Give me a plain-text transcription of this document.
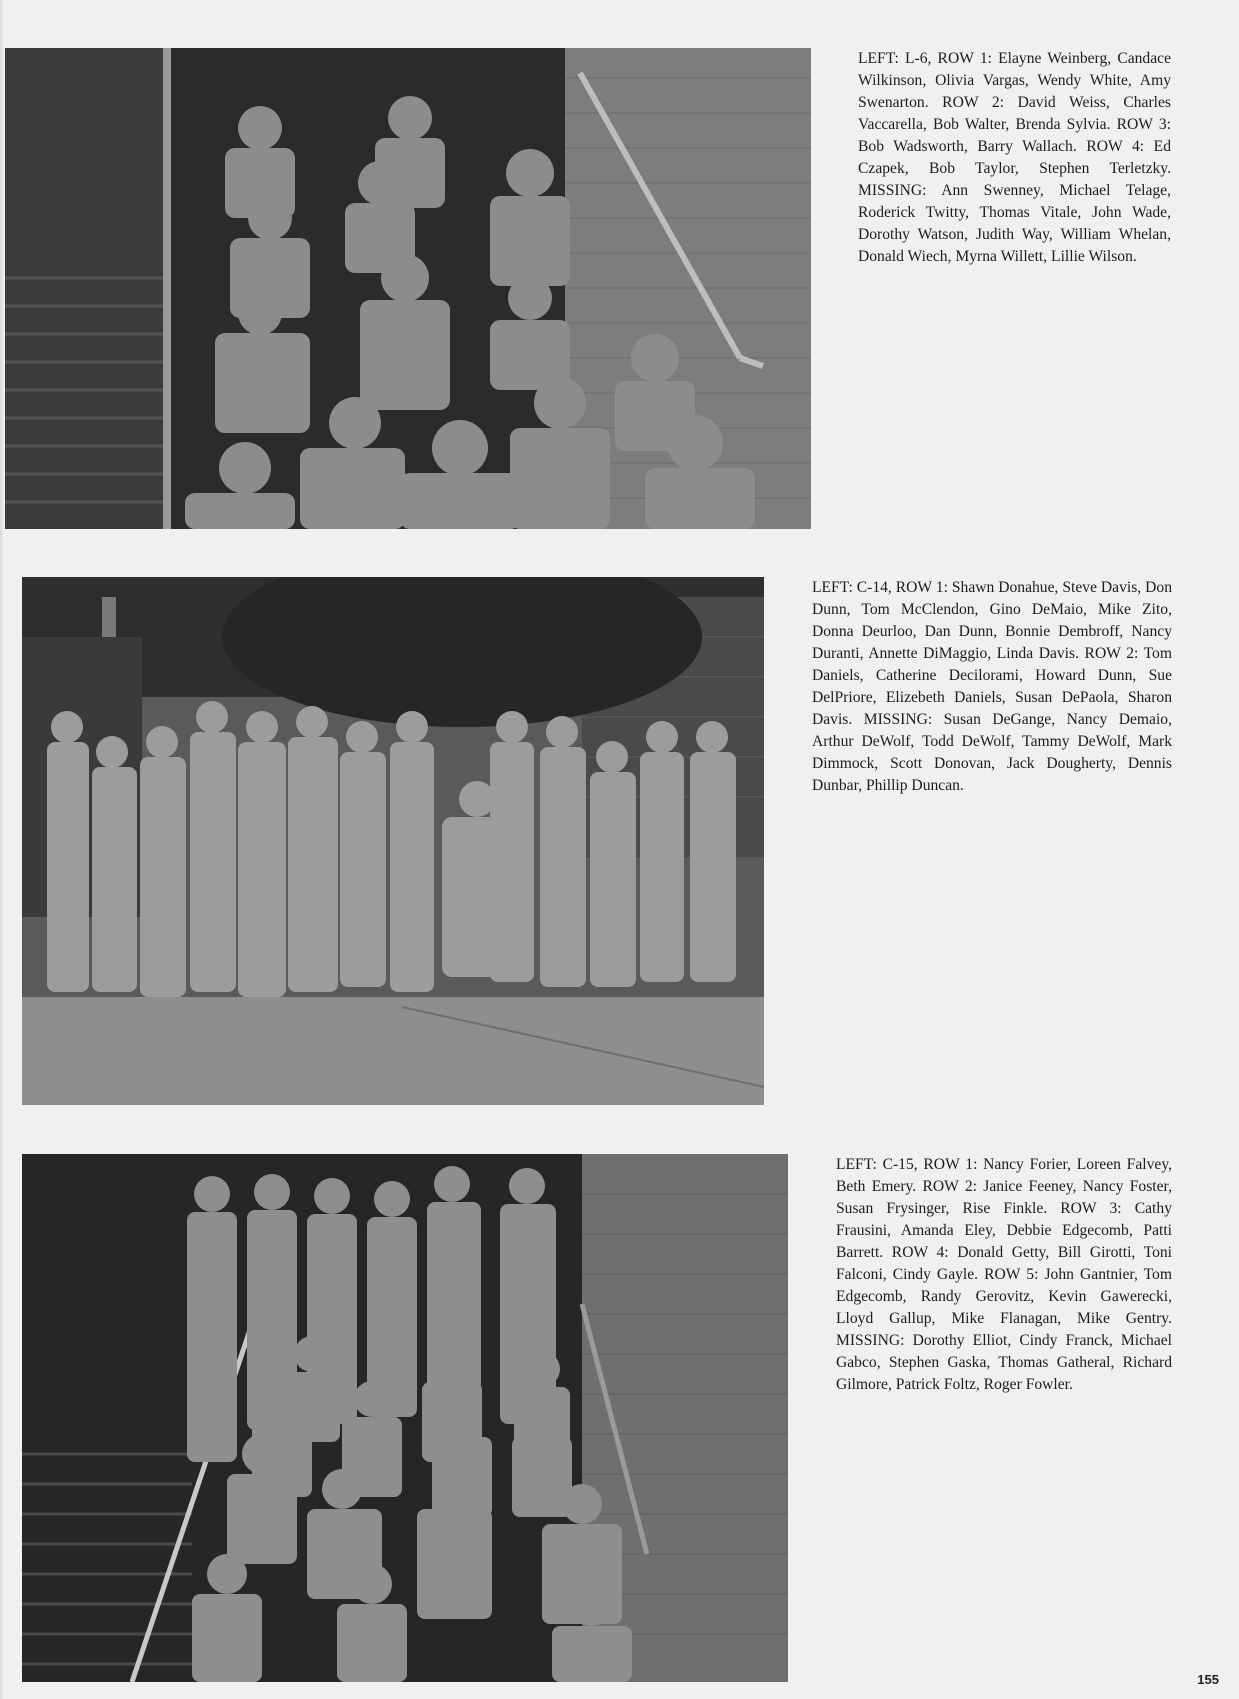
LEFT: L-6, ROW 1: Elayne Weinberg, Candace Wilkinson, Olivia Vargas, Wendy White, Amy Swenarton. ROW 2: David Weiss, Charles Vaccarella, Bob Walter, Brenda Sylvia. ROW 3: Bob Wadsworth, Barry Wallach. ROW 4: Ed Czapek, Bob Taylor, Stephen Terletzky. MISSING: Ann Swenney, Michael Telage, Roderick Twitty, Thomas Vitale, John Wade, Dorothy Watson, Judith Way, William Whelan, Donald Wiech, Myrna Willett, Lillie Wilson.

LEFT: C-14, ROW 1: Shawn Donahue, Steve Davis, Don Dunn, Tom McClendon, Gino DeMaio, Mike Zito, Donna Deurloo, Dan Dunn, Bonnie Dembroff, Nancy Duranti, Annette DiMaggio, Linda Davis. ROW 2: Tom Daniels, Catherine Decilorami, Howard Dunn, Sue DelPriore, Elizebeth Daniels, Susan DePaola, Sharon Davis. MISSING: Susan DeGange, Nancy Demaio, Arthur DeWolf, Todd DeWolf, Tammy DeWolf, Mark Dimmock, Scott Donovan, Jack Dougherty, Dennis Dunbar, Phillip Duncan.

LEFT: C-15, ROW 1: Nancy Forier, Loreen Falvey, Beth Emery. ROW 2: Janice Feeney, Nancy Foster, Susan Frysinger, Rise Finkle. ROW 3: Cathy Frausini, Amanda Eley, Debbie Edgecomb, Patti Barrett. ROW 4: Donald Getty, Bill Girotti, Toni Falconi, Cindy Gayle. ROW 5: John Gantnier, Tom Edgecomb, Randy Gerovitz, Kevin Gawerecki, Lloyd Gallup, Mike Flanagan, Mike Gentry. MISSING: Dorothy Elliot, Cindy Franck, Michael Gabco, Stephen Gaska, Thomas Gatheral, Richard Gilmore, Patrick Foltz, Roger Fowler.

155
